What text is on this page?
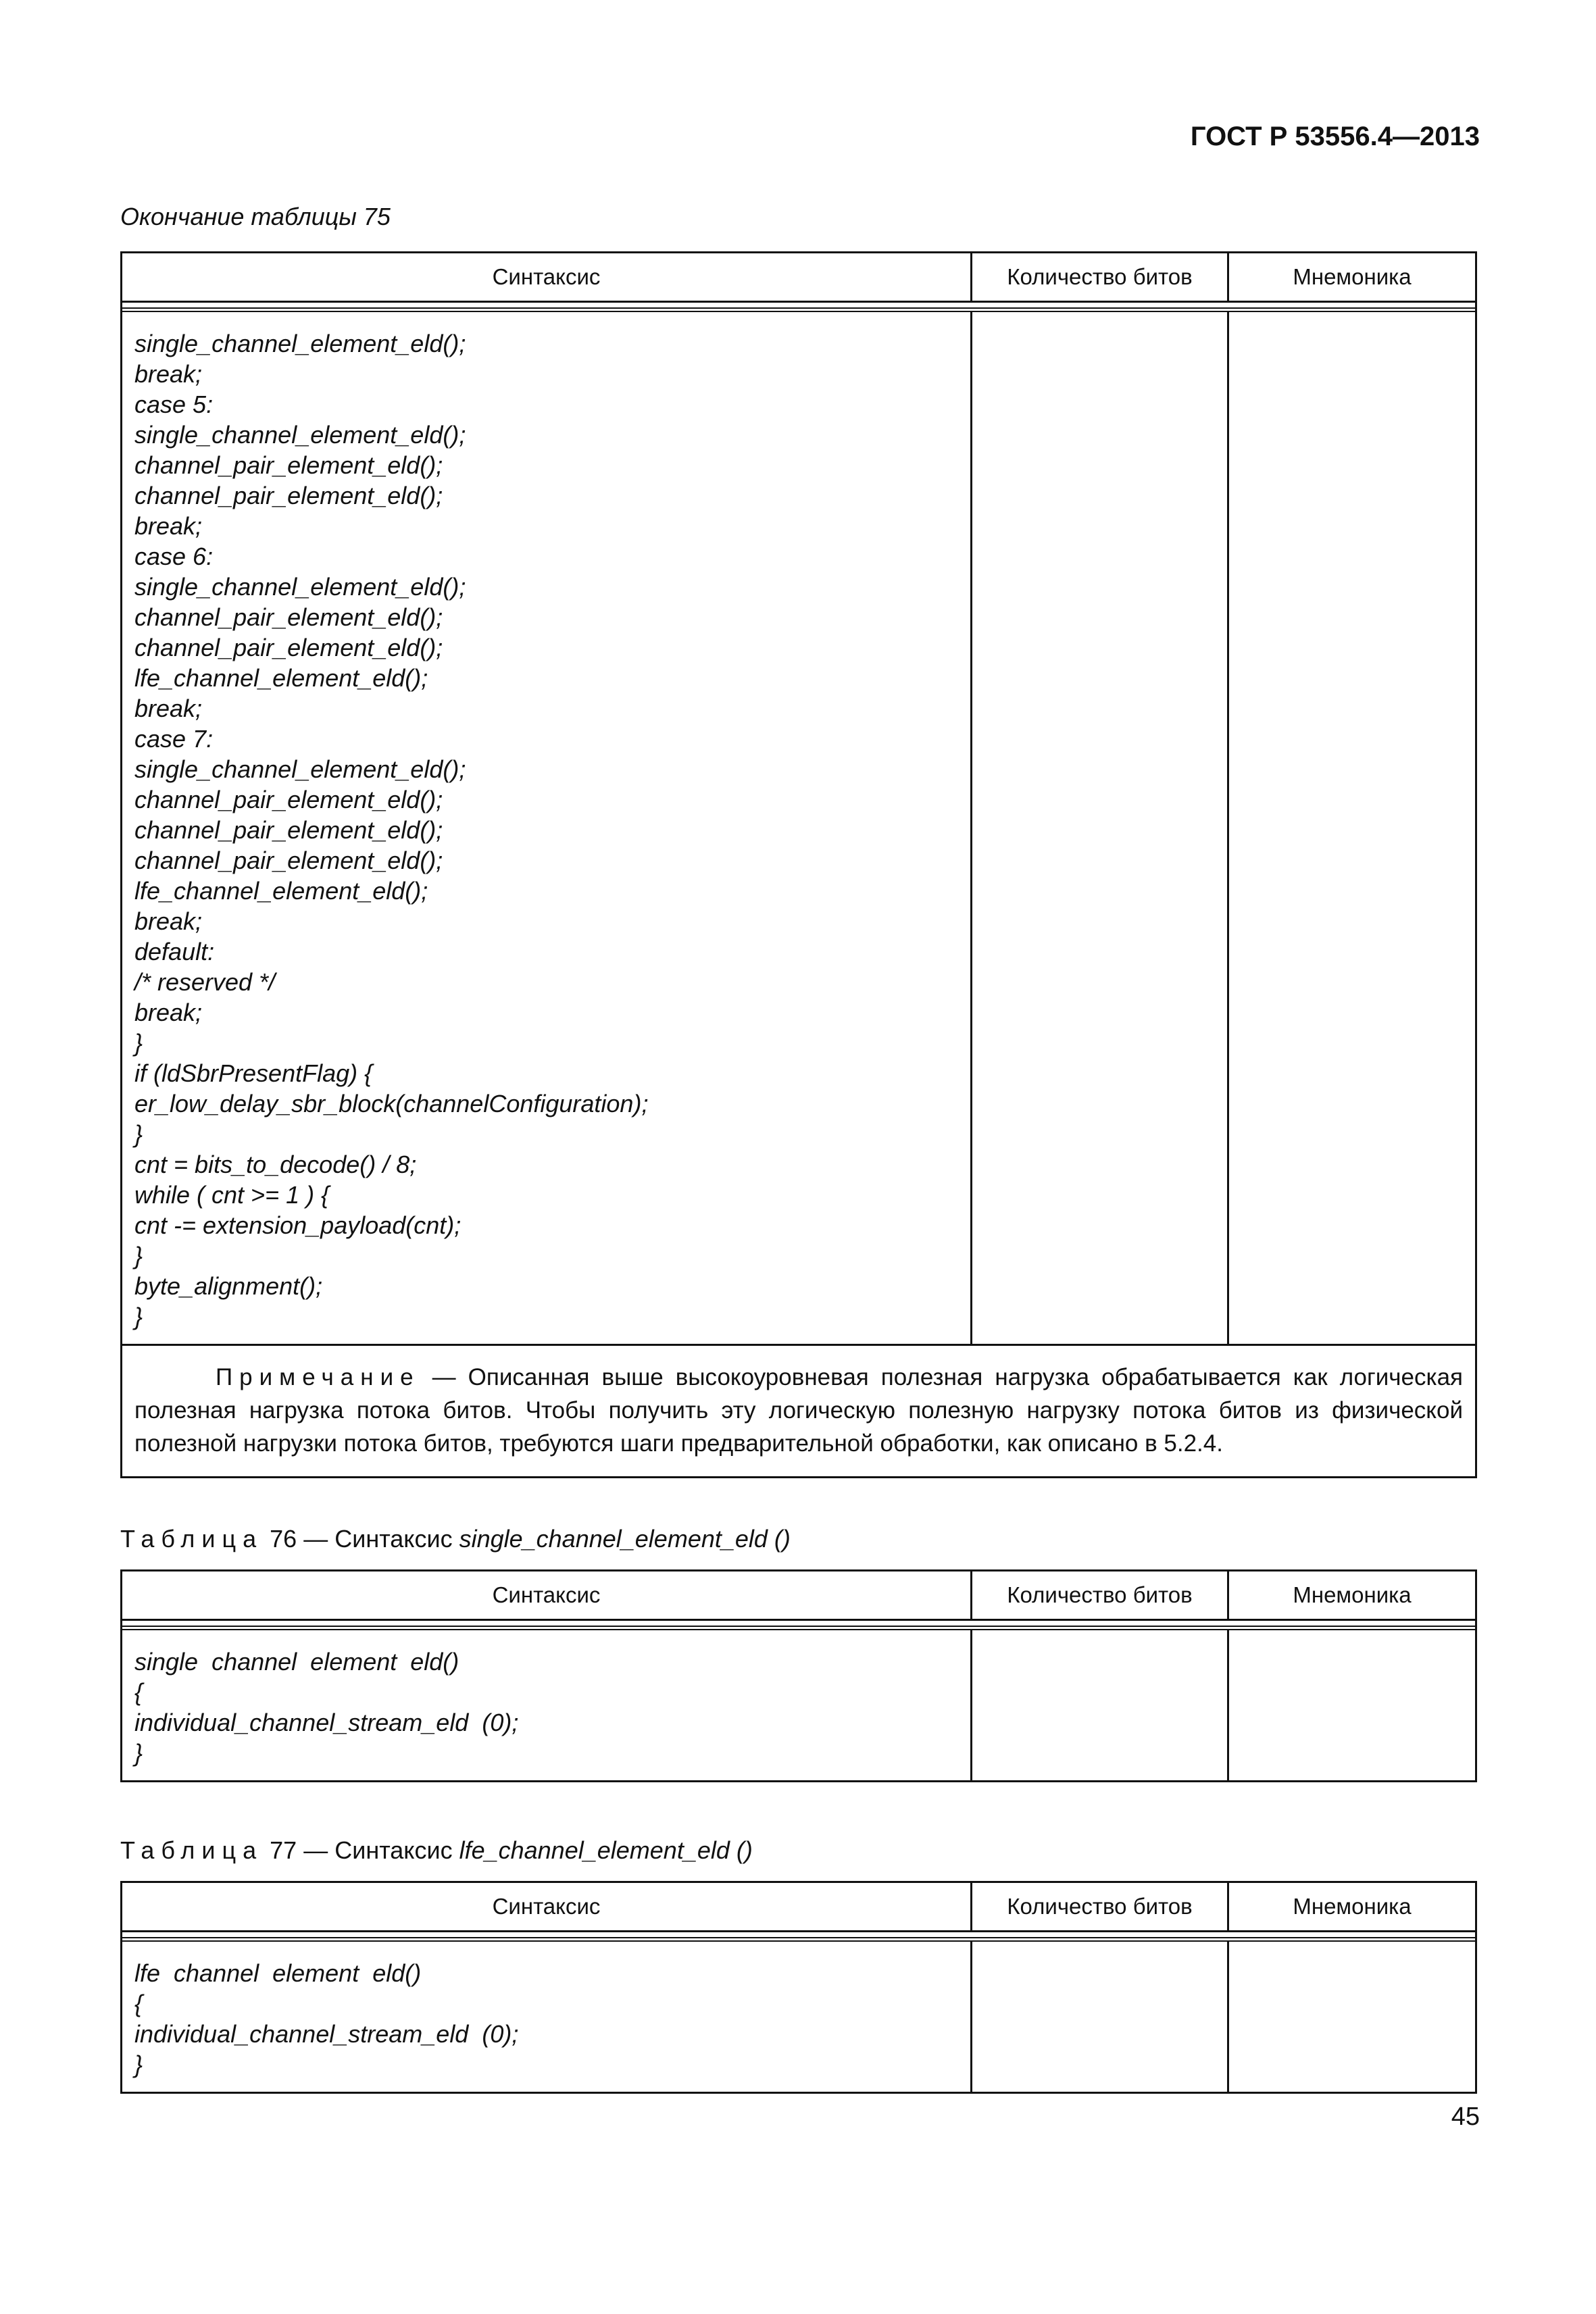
ГОСТ Р 53556.4—2013
Окончание таблицы 75
Синтаксис	Количество битов	Мнемоника
single_channel_element_eld();
break;
case 5:
single_channel_element_eld();
channel_pair_element_eld();
channel_pair_element_eld();
break;
case 6:
single_channel_element_eld();
channel_pair_element_eld();
channel_pair_element_eld();
lfe_channel_element_eld();
break;
case 7:
single_channel_element_eld();
channel_pair_element_eld();
channel_pair_element_eld();
channel_pair_element_eld();
lfe_channel_element_eld();
break;
default:
/* reserved */
break;
}
if (ldSbrPresentFlag) {
er_low_delay_sbr_block(channelConfiguration);
}
cnt = bits_to_decode() / 8;
while ( cnt >= 1 ) {
cnt -= extension_payload(cnt);
}
byte_alignment();
}
Примечание — Описанная выше высокоуровневая полезная нагрузка обрабатывается как логическая полезная нагрузка потока битов. Чтобы получить эту логическую полезную нагрузку потока битов из физической полезной нагрузки потока битов, требуются шаги предварительной обработки, как описано в 5.2.4.
Таблица 76 — Синтаксис single_channel_element_eld ()
Синтаксис	Количество битов	Мнемоника
single  channel  element  eld()
{
individual_channel_stream_eld  (0);
}
Таблица 77 — Синтаксис lfe_channel_element_eld ()
Синтаксис	Количество битов	Мнемоника
lfe  channel  element  eld()
{
individual_channel_stream_eld  (0);
}
45
